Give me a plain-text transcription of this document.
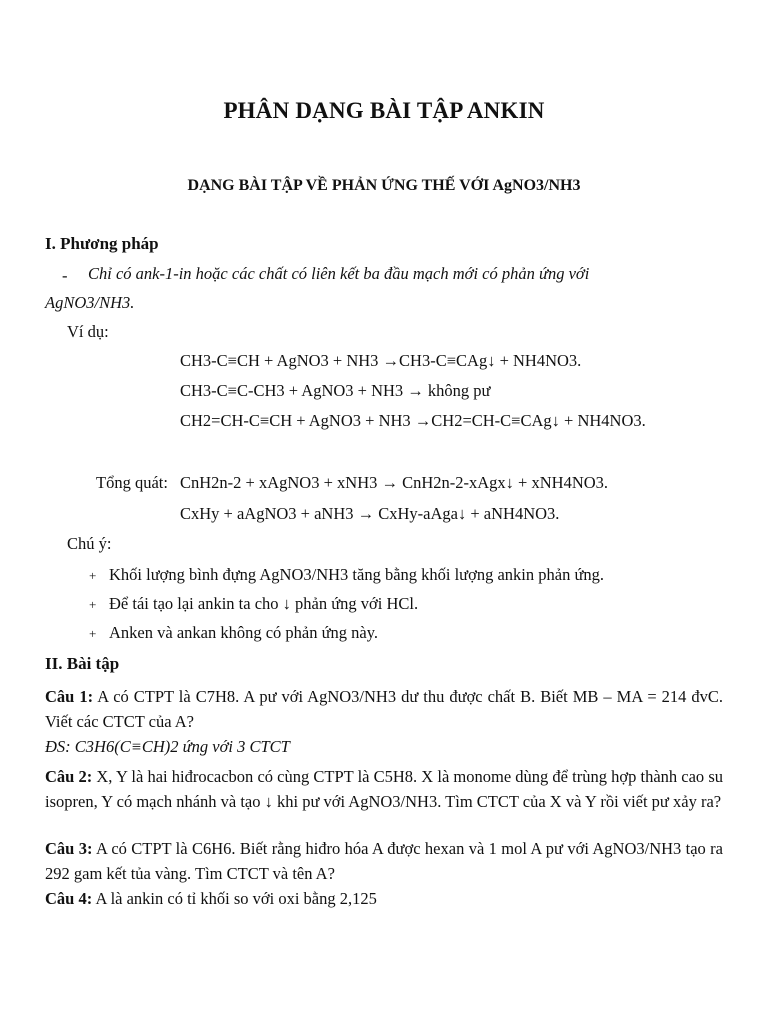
PHÂN DẠNG BÀI TẬP ANKIN
DẠNG BÀI TẬP VỀ PHẢN ỨNG THẾ VỚI AgNO3/NH3
I. Phương pháp
- Chỉ có ank-1-in hoặc các chất có liên kết ba đầu mạch mới có phản ứng với
AgNO3/NH3.
Ví dụ:
CH3-C≡CH + AgNO3 + NH3 →CH3-C≡CAg↓ + NH4NO3.
CH3-C≡C-CH3 + AgNO3 + NH3 → không pư
CH2=CH-C≡CH + AgNO3 + NH3 →CH2=CH-C≡CAg↓ + NH4NO3.
Tổng quát: CnH2n-2 + xAgNO3 + xNH3 → CnH2n-2-xAgx↓ + xNH4NO3.
CxHy + aAgNO3 + aNH3 → CxHy-aAga↓ + aNH4NO3.
Chú ý:
+ Khối lượng bình đựng AgNO3/NH3 tăng bằng khối lượng ankin phản ứng.
+ Để tái tạo lại ankin ta cho ↓ phản ứng với HCl.
+ Anken và ankan không có phản ứng này.
II. Bài tập
Câu 1: A có CTPT là C7H8. A pư với AgNO3/NH3 dư thu được chất B. Biết MB – MA = 214 đvC. Viết các CTCT của A?
ĐS: C3H6(C≡CH)2 ứng với 3 CTCT
Câu 2: X, Y là hai hiđrocacbon có cùng CTPT là C5H8. X là monome dùng để trùng hợp thành cao su isopren, Y có mạch nhánh và tạo ↓ khi pư với AgNO3/NH3. Tìm CTCT của X và Y rồi viết pư xảy ra?
Câu 3: A có CTPT là C6H6. Biết rằng hiđro hóa A được hexan và 1 mol A pư với AgNO3/NH3 tạo ra 292 gam kết tủa vàng. Tìm CTCT và tên A?
Câu 4: A là ankin có tỉ khối so với oxi bằng 2,125
